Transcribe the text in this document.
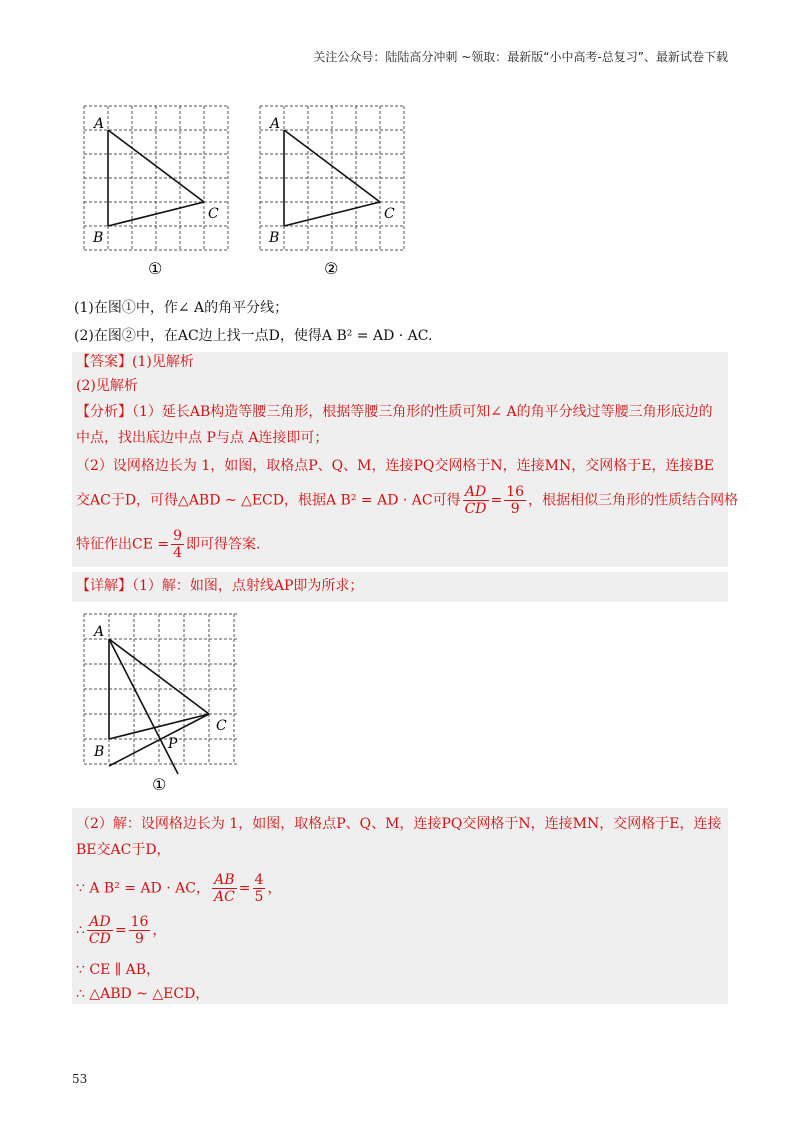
关注公众号：陆陆高分冲刺 ~领取：最新版“小中高考-总复习”、最新试卷下载
A
B
C
①
A
B
C
②
(1)在图①中，作∠ A的角平分线；
(2)在图②中，在AC边上找一点D，使得A B² = AD · AC.
【答案】(1)见解析
(2)见解析
【分析】（1）延长AB构造等腰三角形，根据等腰三角形的性质可知∠ A的角平分线过等腰三角形底边的
中点，找出底边中点 P与点 A连接即可；
（2）设网格边长为 1，如图，取格点P、Q、M，连接PQ交网格于N，连接MN，交网格于E，连接BE
交AC于D，可得△ABD ~ △ECD，根据A B² = AD · AC可得 $\frac{AD}{CD} = \frac{16}{9}$ ，根据相似三角形的性质结合网格
特征作出CE = $\frac{9}{4}$ 即可得答案.
【详解】（1）解：如图，点射线AP即为所求；
A
B
C
P
①
（2）解：设网格边长为 1，如图，取格点P、Q、M，连接PQ交网格于N，连接MN，交网格于E，连接
BE交AC于D，
∵ A B² = AD · AC， $\frac{AB}{AC} = \frac{4}{5}$ ，
∴ $\frac{AD}{CD} = \frac{16}{9}$ ，
∵ CE ∥ AB，
∴ △ABD ~ △ECD，
53
